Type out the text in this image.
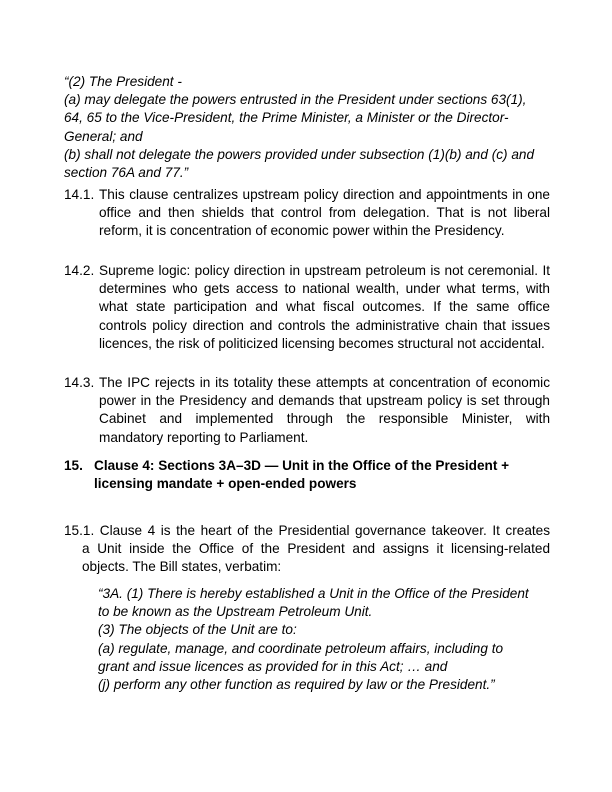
“(2) The President -
(a) may delegate the powers entrusted in the President under sections 63(1),
64, 65 to the Vice-President, the Prime Minister, a Minister or the Director-
General; and
(b) shall not delegate the powers provided under subsection (1)(b) and (c) and
section 76A and 77.”
14.1. This clause centralizes upstream policy direction and appointments in one office and then shields that control from delegation. That is not liberal reform, it is concentration of economic power within the Presidency.
14.2. Supreme logic: policy direction in upstream petroleum is not ceremonial. It determines who gets access to national wealth, under what terms, with what state participation and what fiscal outcomes. If the same office controls policy direction and controls the administrative chain that issues licences, the risk of politicized licensing becomes structural not accidental.
14.3. The IPC rejects in its totality these attempts at concentration of economic power in the Presidency and demands that upstream policy is set through Cabinet and implemented through the responsible Minister, with mandatory reporting to Parliament.
15. Clause 4: Sections 3A–3D — Unit in the Office of the President + licensing mandate + open-ended powers
15.1. Clause 4 is the heart of the Presidential governance takeover. It creates
a Unit inside the Office of the President and assigns it licensing-related objects. The Bill states, verbatim:
“3A. (1) There is hereby established a Unit in the Office of the President
to be known as the Upstream Petroleum Unit.
(3) The objects of the Unit are to:
(a) regulate, manage, and coordinate petroleum affairs, including to
grant and issue licences as provided for in this Act; … and
(j) perform any other function as required by law or the President.”
